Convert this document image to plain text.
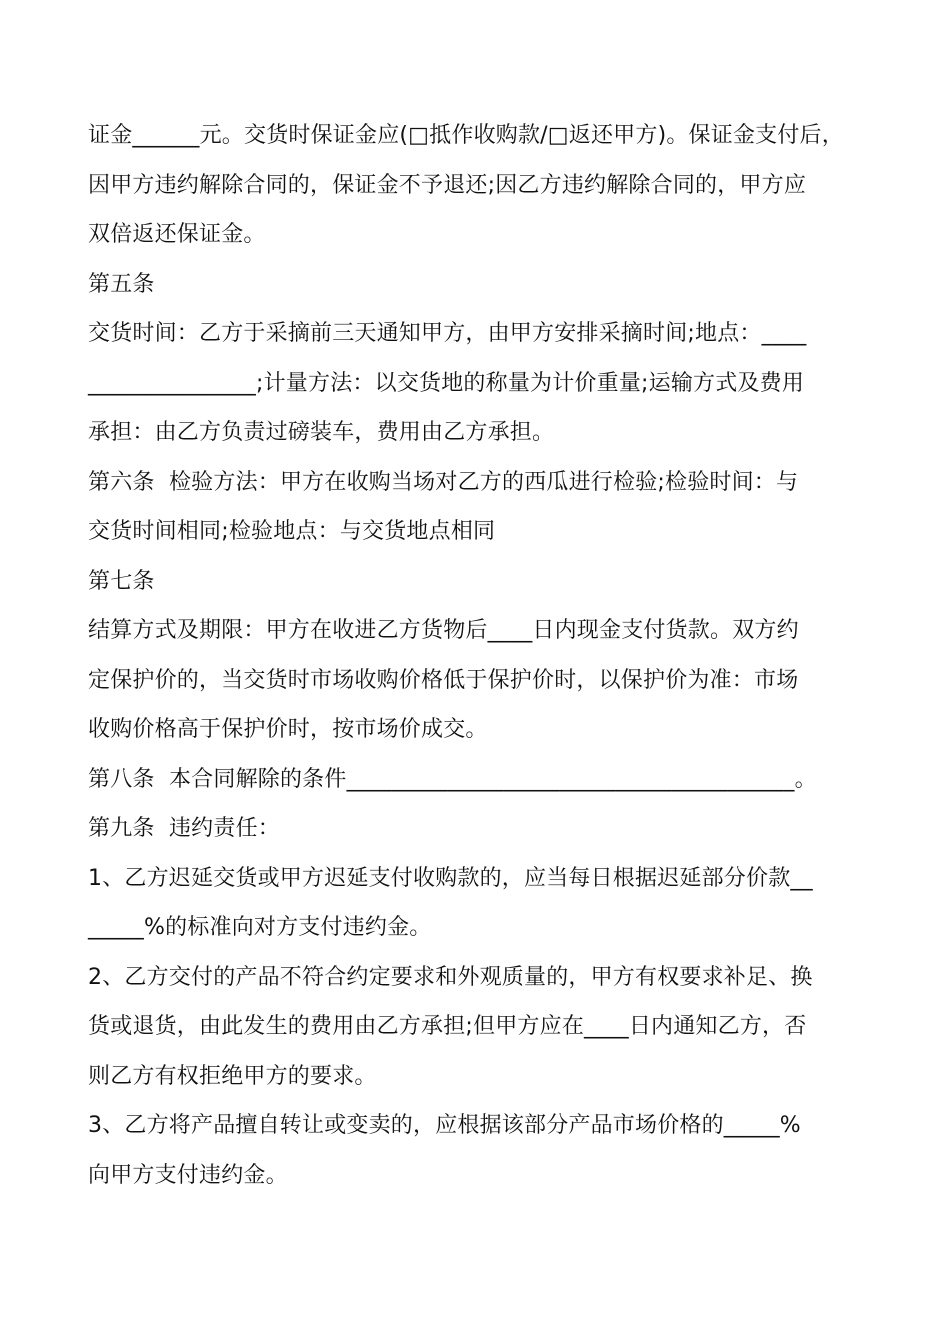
证金______元。交货时保证金应(□抵作收购款/□返还甲方)。保证金支付后，
因甲方违约解除合同的，保证金不予退还;因乙方违约解除合同的，甲方应
双倍返还保证金。
第五条
交货时间：乙方于采摘前三天通知甲方，由甲方安排采摘时间;地点：____
_______________;计量方法：以交货地的称量为计价重量;运输方式及费用
承担：由乙方负责过磅装车，费用由乙方承担。
第六条  检验方法：甲方在收购当场对乙方的西瓜进行检验;检验时间：与
交货时间相同;检验地点：与交货地点相同
第七条
结算方式及期限：甲方在收进乙方货物后____日内现金支付货款。双方约
定保护价的，当交货时市场收购价格低于保护价时，以保护价为准：市场
收购价格高于保护价时，按市场价成交。
第八条  本合同解除的条件________________________________________。
第九条  违约责任：
1、乙方迟延交货或甲方迟延支付收购款的，应当每日根据迟延部分价款__
_____%的标准向对方支付违约金。
2、乙方交付的产品不符合约定要求和外观质量的，甲方有权要求补足、换
货或退货，由此发生的费用由乙方承担;但甲方应在____日内通知乙方，否
则乙方有权拒绝甲方的要求。
3、乙方将产品擅自转让或变卖的，应根据该部分产品市场价格的_____%
向甲方支付违约金。
